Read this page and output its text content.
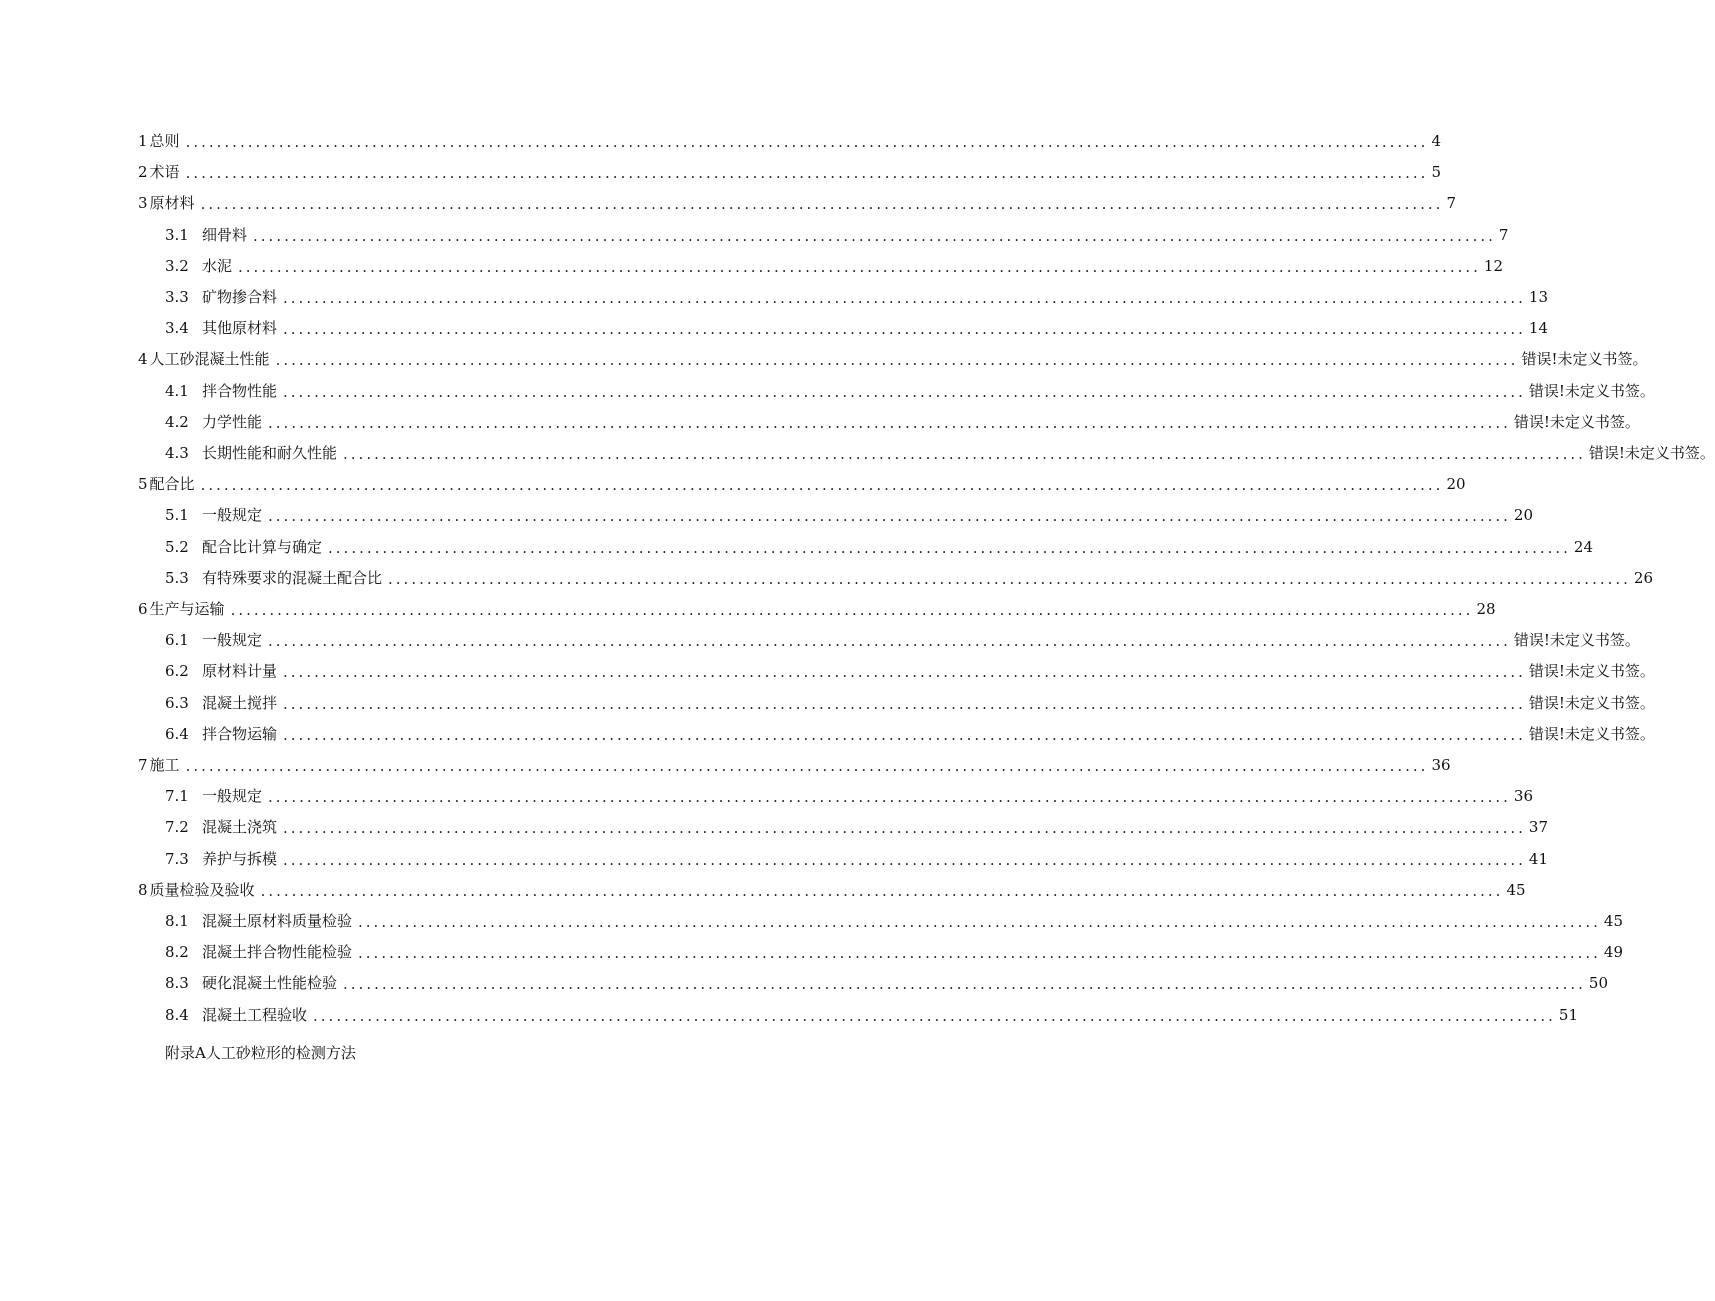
附录A人工砂粒形的检测方法
1 总则 ................................................................................................................................................................ 4
2 术语 ................................................................................................................................................................ 5
3 原材料 ................................................................................................................................................................ 7
3.1 细骨料 ................................................................................................................................................................ 7
3.2 水泥 ................................................................................................................................................................ 12
3.3 矿物掺合料 ................................................................................................................................................................ 13
3.4 其他原材料 ................................................................................................................................................................ 14
4 人工砂混凝土性能 ................................................................................................................................................................ 错误!未定义书签。
4.1 拌合物性能 ................................................................................................................................................................ 错误!未定义书签。
4.2 力学性能 ................................................................................................................................................................ 错误!未定义书签。
4.3 长期性能和耐久性能 ................................................................................................................................................................ 错误!未定义书签。
5 配合比 ................................................................................................................................................................ 20
5.1 一般规定 ................................................................................................................................................................ 20
5.2 配合比计算与确定 ................................................................................................................................................................ 24
5.3 有特殊要求的混凝土配合比 ................................................................................................................................................................ 26
6 生产与运输 ................................................................................................................................................................ 28
6.1 一般规定 ................................................................................................................................................................ 错误!未定义书签。
6.2 原材料计量 ................................................................................................................................................................ 错误!未定义书签。
6.3 混凝土搅拌 ................................................................................................................................................................ 错误!未定义书签。
6.4 拌合物运输 ................................................................................................................................................................ 错误!未定义书签。
7 施工 ................................................................................................................................................................ 36
7.1 一般规定 ................................................................................................................................................................ 36
7.2 混凝土浇筑 ................................................................................................................................................................ 37
7.3 养护与拆模 ................................................................................................................................................................ 41
8 质量检验及验收 ................................................................................................................................................................ 45
8.1 混凝土原材料质量检验 ................................................................................................................................................................ 45
8.2 混凝土拌合物性能检验 ................................................................................................................................................................ 49
8.3 硬化混凝土性能检验 ................................................................................................................................................................ 50
8.4 混凝土工程验收 ................................................................................................................................................................ 51
